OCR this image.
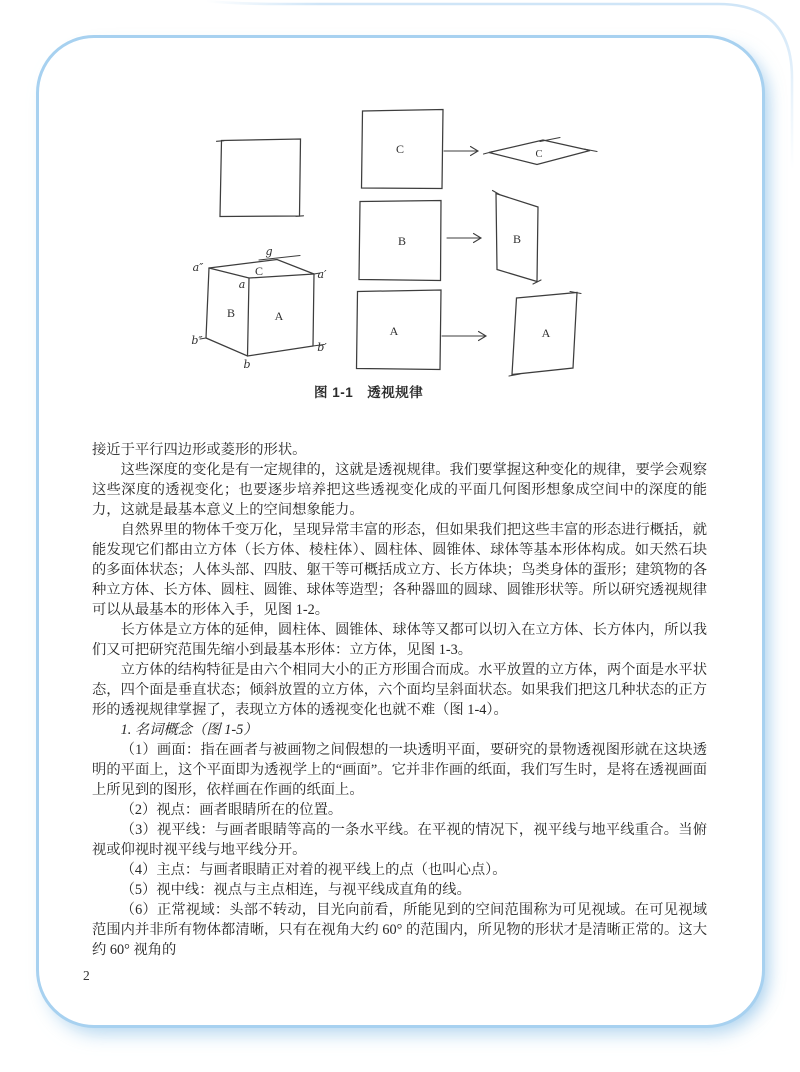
g
a″	C
a
a′
B	A
b″
b
b′
C
B
A
C
B
A
图 1-1　透视规律

接近于平行四边形或菱形的形状。

这些深度的变化是有一定规律的，这就是透视规律。我们要掌握这种变化的规律，要学会观察这些深度的透视变化；也要逐步培养把这些透视变化成的平面几何图形想象成空间中的深度的能力，这就是最基本意义上的空间想象能力。

自然界里的物体千变万化，呈现异常丰富的形态，但如果我们把这些丰富的形态进行概括，就能发现它们都由立方体（长方体、棱柱体）、圆柱体、圆锥体、球体等基本形体构成。如天然石块的多面体状态；人体头部、四肢、躯干等可概括成立方、长方体块；鸟类身体的蛋形；建筑物的各种立方体、长方体、圆柱、圆锥、球体等造型；各种器皿的圆球、圆锥形状等。所以研究透视规律可以从最基本的形体入手，见图 1-2。

长方体是立方体的延伸，圆柱体、圆锥体、球体等又都可以切入在立方体、长方体内，所以我们又可把研究范围先缩小到最基本形体：立方体，见图 1-3。

立方体的结构特征是由六个相同大小的正方形围合而成。水平放置的立方体，两个面是水平状态，四个面是垂直状态；倾斜放置的立方体，六个面均呈斜面状态。如果我们把这几种状态的正方形的透视规律掌握了，表现立方体的透视变化也就不难（图 1-4）。

1. 名词概念（图 1-5）

（1）画面：指在画者与被画物之间假想的一块透明平面，要研究的景物透视图形就在这块透明的平面上，这个平面即为透视学上的“画面”。它并非作画的纸面，我们写生时，是将在透视画面上所见到的图形，依样画在作画的纸面上。

（2）视点：画者眼睛所在的位置。

（3）视平线：与画者眼睛等高的一条水平线。在平视的情况下，视平线与地平线重合。当俯视或仰视时视平线与地平线分开。

（4）主点：与画者眼睛正对着的视平线上的点（也叫心点）。

（5）视中线：视点与主点相连，与视平线成直角的线。

（6）正常视域：头部不转动，目光向前看，所能见到的空间范围称为可见视域。在可见视域范围内并非所有物体都清晰，只有在视角大约 60° 的范围内，所见物的形状才是清晰正常的。这大约 60° 视角的

2
